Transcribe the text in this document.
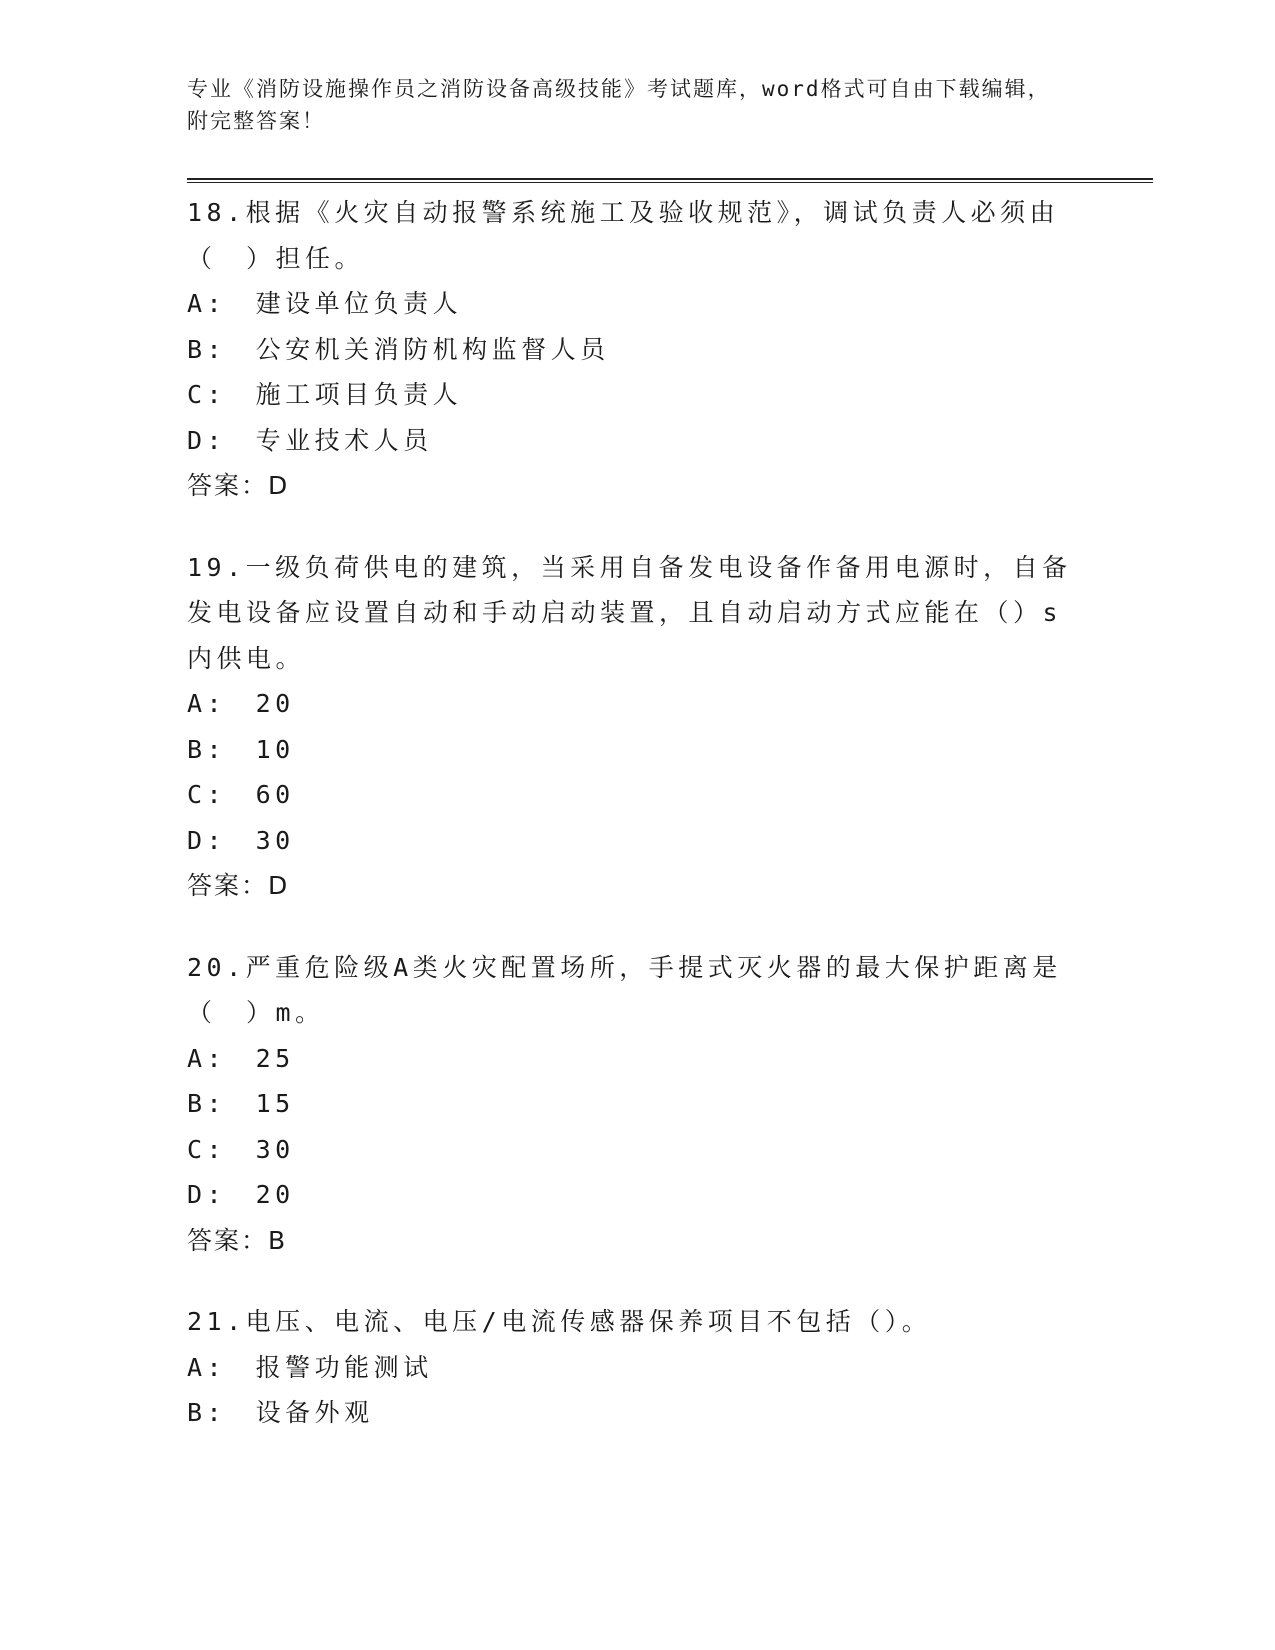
专业《消防设施操作员之消防设备高级技能》考试题库，word格式可自由下载编辑，附完整答案！
18.根据《火灾自动报警系统施工及验收规范》，调试负责人必须由（　）担任。
A:　建设单位负责人
B:　公安机关消防机构监督人员
C:　施工项目负责人
D:　专业技术人员
答案：D
19.一级负荷供电的建筑，当采用自备发电设备作备用电源时，自备发电设备应设置自动和手动启动装置，且自动启动方式应能在（）s内供电。
A:　20
B:　10
C:　60
D:　30
答案：D
20.严重危险级A类火灾配置场所，手提式灭火器的最大保护距离是（　）m。
A:　25
B:　15
C:　30
D:　20
答案：B
21.电压、电流、电压/电流传感器保养项目不包括（）。
A:　报警功能测试
B:　设备外观
